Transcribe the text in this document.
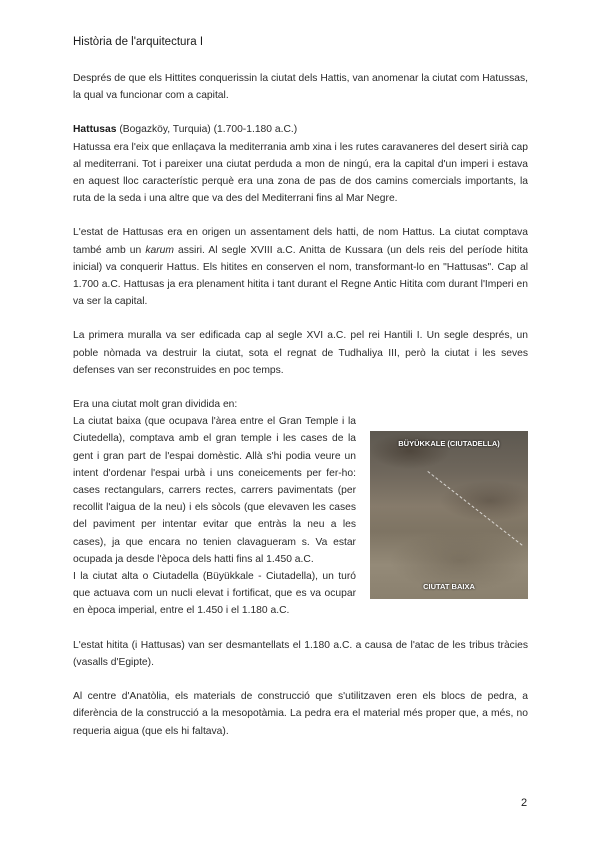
Història de l'arquitectura I

Després de que els Hittites conquerissin la ciutat dels Hattis, van anomenar la ciutat com Hatussas, la qual va funcionar com a capital.

Hattusas (Bogazköy, Turquia) (1.700-1.180 a.C.)
Hatussa era l'eix que enllaçava la mediterrania amb xina i les rutes caravaneres del desert sirià cap al mediterrani. Tot i pareixer una ciutat perduda a mon de ningú, era la capital d'un imperi i estava en aquest lloc característic perquè era una zona de pas de dos camins comercials importants, la ruta de la seda i una altre que va des del Mediterrani fins al Mar Negre.

L'estat de Hattusas era en origen un assentament dels hatti, de nom Hattus. La ciutat comptava també amb un karum assiri. Al segle XVIII a.C. Anitta de Kussara (un dels reis del període hitita inicial) va conquerir Hattus. Els hitites en conserven el nom, transformant-lo en "Hattusas". Cap al 1.700 a.C. Hattusas ja era plenament hitita i tant durant el Regne Antic Hitita com durant l'Imperi en va ser la capital.

La primera muralla va ser edificada cap al segle XVI a.C. pel rei Hantili I. Un segle després, un poble nòmada va destruir la ciutat, sota el regnat de Tudhaliya III, però la ciutat i les seves defenses van ser reconstruides en poc temps.

Era una ciutat molt gran dividida en:

La ciutat baixa (que ocupava l'àrea entre el Gran Temple i la Ciutedella), comptava amb el gran temple i les cases de la gent i gran part de l'espai domèstic. Allà s'hi podia veure un intent d'ordenar l'espai urbà i uns coneicements per fer-ho: cases rectangulars, carrers rectes, carrers pavimentats (per recollit l'aigua de la neu) i els sòcols (que elevaven les cases del paviment per intentar evitar que entràs la neu a les cases), ja que encara no tenien clavagueram s. Va estar ocupada ja desde l'època dels hatti fins al 1.450 a.C.

I la ciutat alta o Ciutadella (Büyükkale - Ciutadella), un turó que actuava com un nucli elevat i fortificat, que es va ocupar en època imperial, entre el 1.450 i el 1.180 a.C.

BÜYÜKKALE (CIUTADELLA)
CIUTAT BAIXA

L'estat hitita (i Hattusas) van ser desmantellats el 1.180 a.C. a causa de l'atac de les tribus tràcies (vasalls d'Egipte).

Al centre d'Anatòlia, els materials de construcció que s'utilitzaven eren els blocs de pedra, a diferència de la construcció a la mesopotàmia. La pedra era el material més proper que, a més, no requeria aigua (que els hi faltava).

2
